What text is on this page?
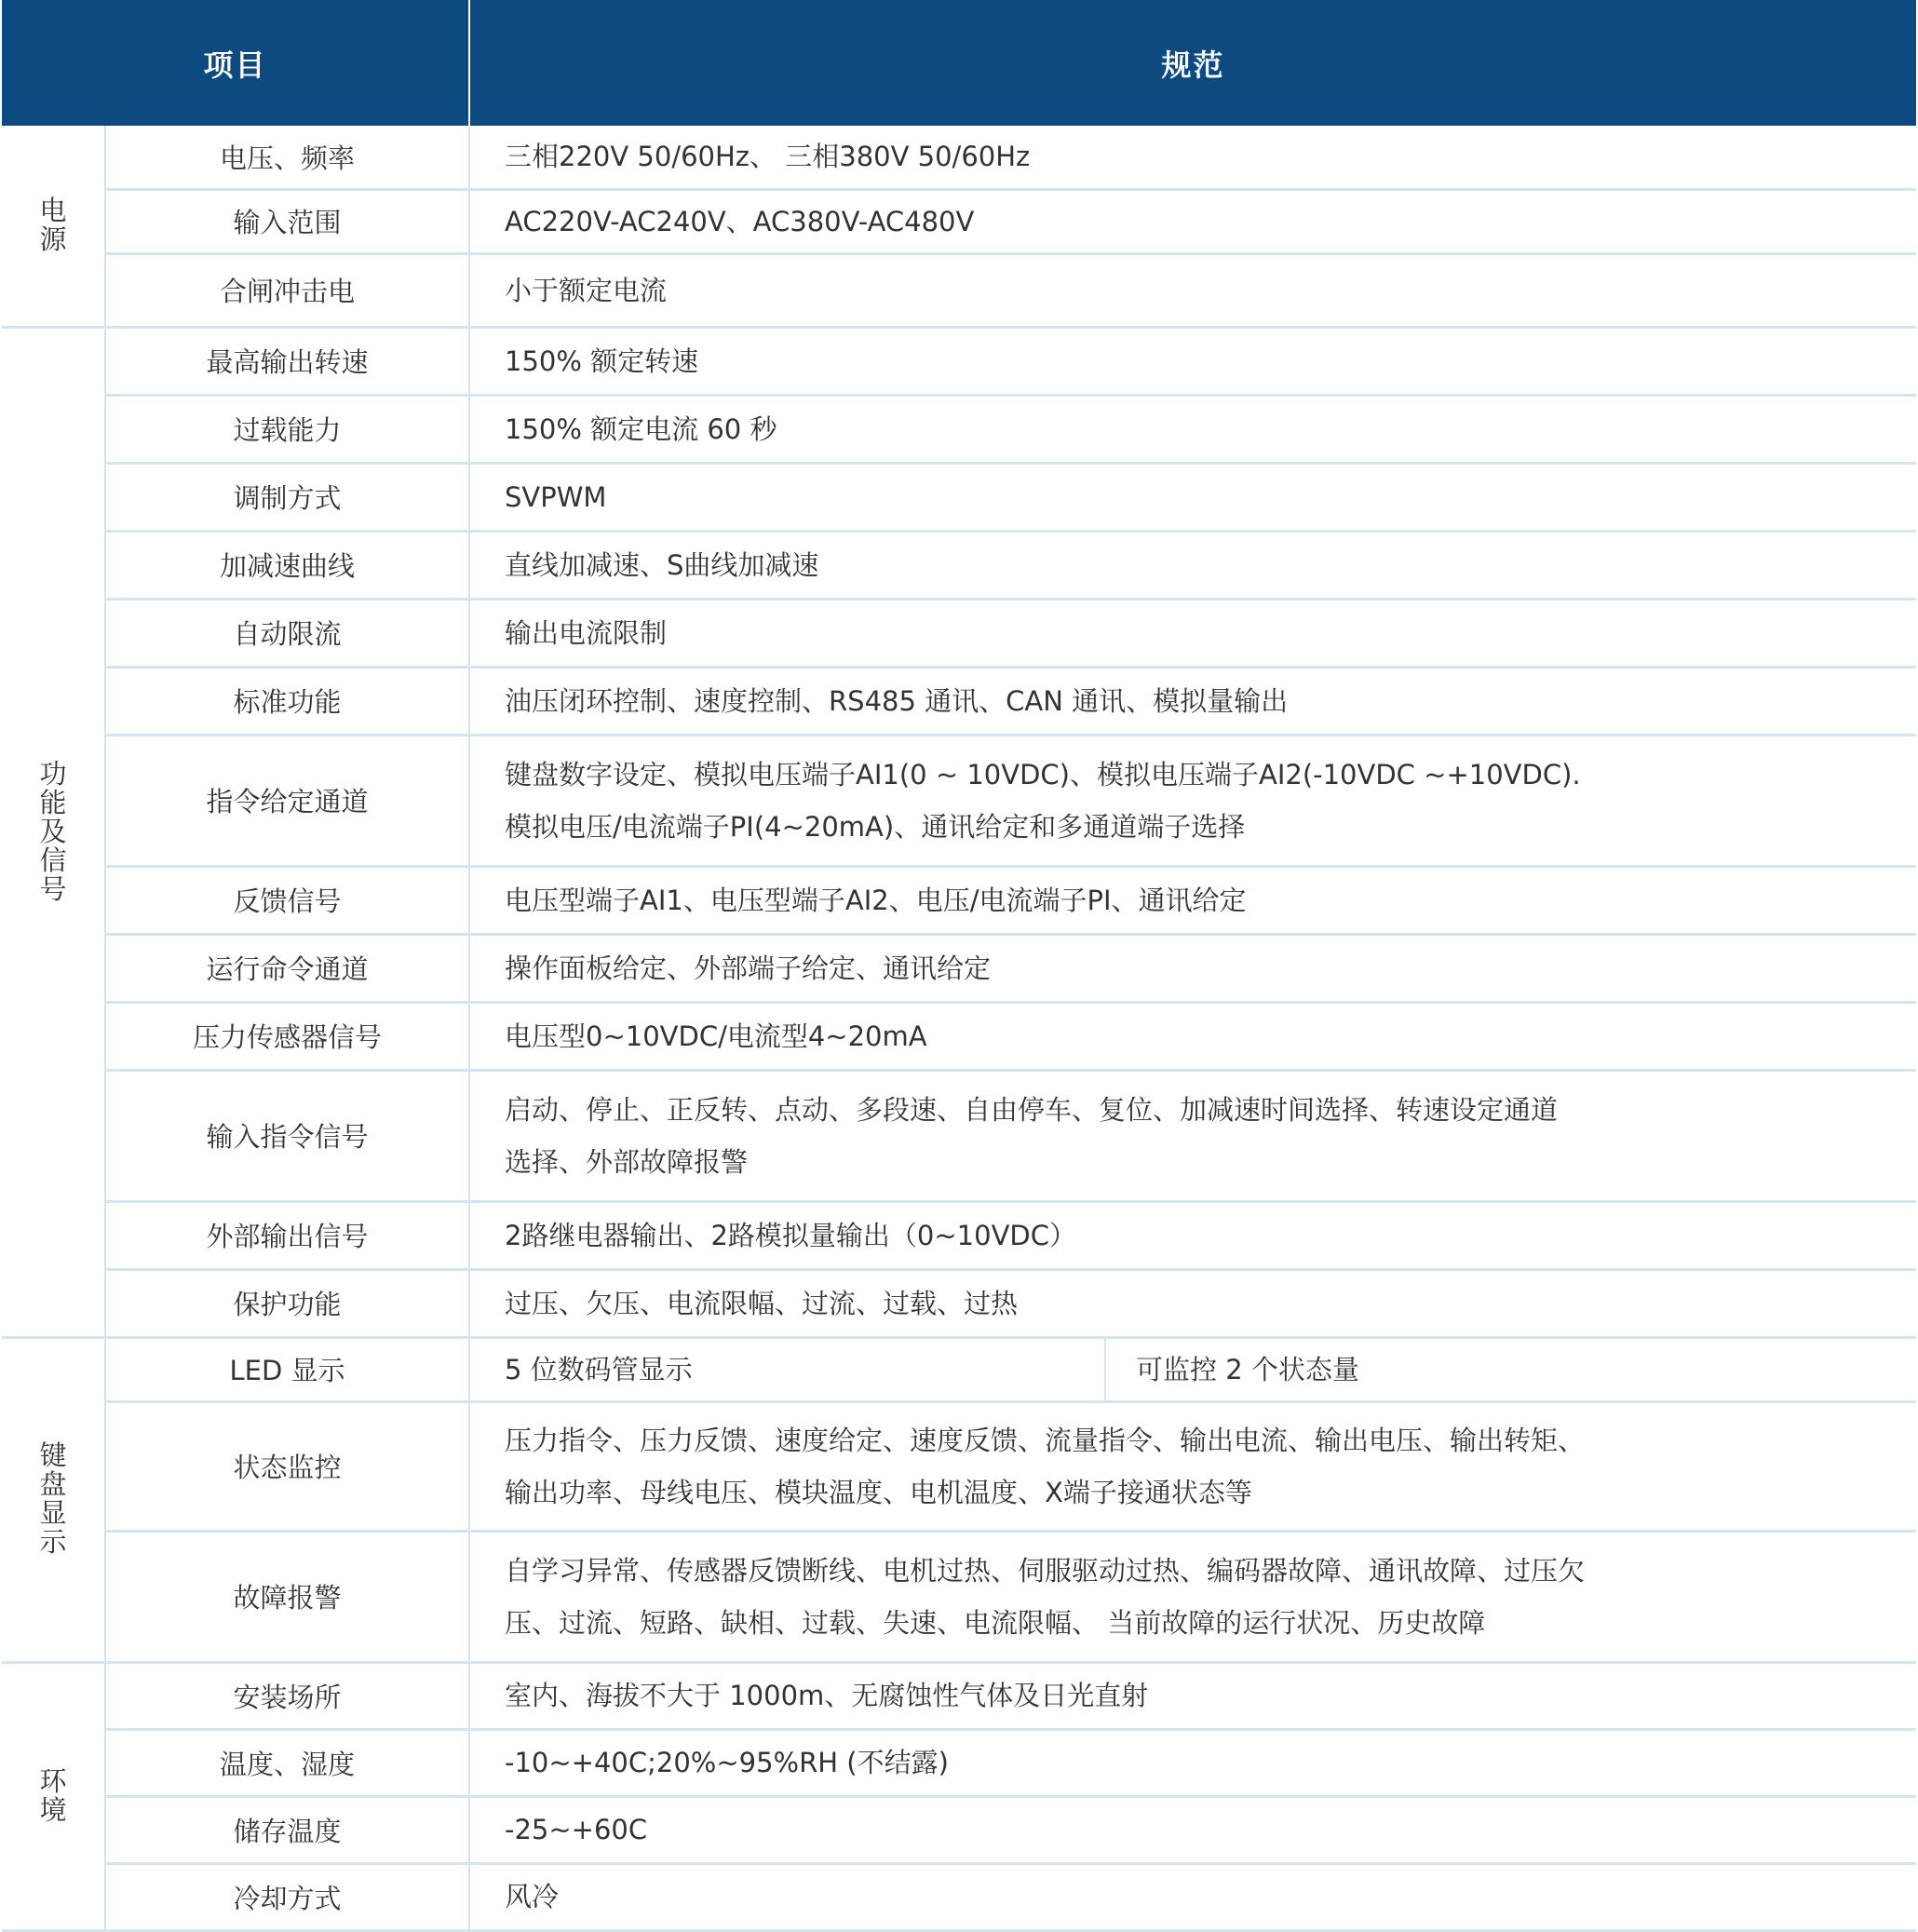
项目		规范	
电源	电压、频率	三相220V 50/60Hz、 三相380V 50/60Hz	
	输入范围	AC220V-AC240V、AC380V-AC480V	
	合闸冲击电	小于额定电流	
功能及信号	最高输出转速	150% 额定转速	
	过载能力	150% 额定电流 60 秒	
	调制方式	SVPWM	
	加减速曲线	直线加减速、S曲线加减速	
	自动限流	输出电流限制	
	标准功能	油压闭环控制、速度控制、RS485 通讯、CAN 通讯、模拟量输出	
	指令给定通道	键盘数字设定、模拟电压端子AI1(0 ~ 10VDC)、模拟电压端子AI2(-10VDC ~+10VDC).
模拟电压/电流端子PI(4~20mA)、通讯给定和多通道端子选择	

	反馈信号	电压型端子AI1、电压型端子AI2、电压/电流端子PI、通讯给定	
	运行命令通道	操作面板给定、外部端子给定、通讯给定	
	压力传感器信号	电压型0~10VDC/电流型4~20mA	
	输入指令信号	启动、停止、正反转、点动、多段速、自由停车、复位、加减速时间选择、转速设定通道
选择、外部故障报警	

	外部输出信号	2路继电器输出、2路模拟量输出（0~10VDC）	
	保护功能	过压、欠压、电流限幅、过流、过载、过热	
键盘显示	LED 显示	5 位数码管显示	可监控 2 个状态量
	状态监控	压力指令、压力反馈、速度给定、速度反馈、流量指令、输出电流、输出电压、输出转矩、
输出功率、母线电压、模块温度、电机温度、X端子接通状态等	

	故障报警	自学习异常、传感器反馈断线、电机过热、伺服驱动过热、编码器故障、通讯故障、过压欠
压、过流、短路、缺相、过载、失速、电流限幅、 当前故障的运行状况、历史故障	

环境	安装场所	室内、海拔不大于 1000m、无腐蚀性气体及日光直射	
	温度、湿度	-10~+40C;20%~95%RH (不结露)	
	储存温度	-25~+60C	
	冷却方式	风冷	
